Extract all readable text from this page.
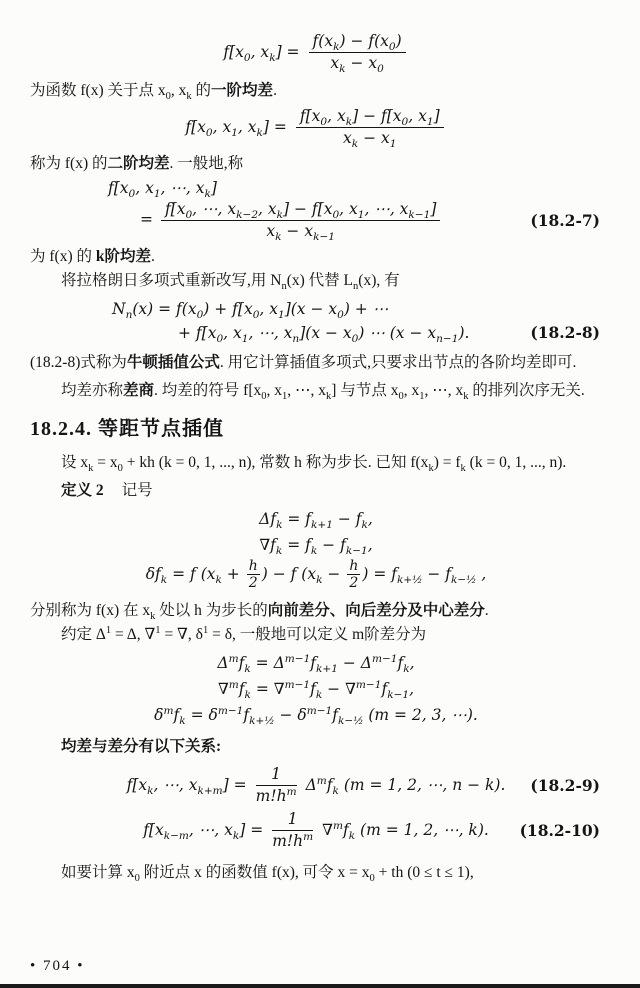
$f[x_0$, $x_k] = \frac{f(x_k) - f(x_0)}{x_k - x_0}$

为函数 f(x) 关于点 $x_0$, $x_k$ 的一阶均差.

$f[x_0$, $x_1$, $x_k] = \frac{f[x_0, x_k] - f[x_0, x_1]}{x_k - x_1}$

称为 f(x) 的二阶均差. 一般地,称

$f[x_0$, $x_1$, ⋯, $x_k$]
= $\frac{f[x_0, \cdots, x_{k-2}, x_k] - f[x_0, x_1, \cdots, x_{k-1}]}{x_k - x_{k-1}}$	(18.2-7)

为 f(x) 的 k阶均差.

将拉格朗日多项式重新改写,用 $N_n(x)$ 代替 $L_n(x)$, 有

$N_n(x) = f(x_0) + f[x_0$, $x_1](x - x_0)$ + ⋯
+ $f[x_0$, $x_1$, ⋯, $x_n](x - x_0)$ ⋯ $(x - x_{n-1})$.	(18.2-8)

(18.2-8)式称为牛顿插值公式. 用它计算插值多项式,只要求出节点的各阶均差即可.

均差亦称差商. 均差的符号 $f[x_0$, $x_1$, ⋯, $x_k$] 与节点 $x_0$, $x_1$, ⋯, $x_k$ 的排列次序无关.

18.2.4. 等距节点插值

设 $x_k = x_0$ + kh (k = 0, 1, ..., n), 常数 h 称为步长. 已知 $f(x_k) = f_k$ (k = 0, 1, ..., n).

定义 2 记号

$\Delta f_k = f_{k+1} - f_k$,
$\nabla f_k = f_k - f_{k-1}$,
$\delta f_k = f$ ($x_k + \frac{h}{2}$ ) − f ($x_k - \frac{h}{2}$ ) = $f_{k+\frac{1}{2}} - f_{k-\frac{1}{2}}$ ,

分别称为 f(x) 在 $x_k$ 处以 h 为步长的向前差分、向后差分及中心差分.

约定 $\Delta^1 = \Delta$, ∇$^1$ = ∇, $\delta^1 = \delta$, 一般地可以定义 m阶差分为

$\Delta^mf_k = \Delta^{m-1}f_{k+1} - \Delta^{m-1}f_k$,
$\nabla^mf_k = \nabla^{m-1}f_k - \nabla^{m-1}f_{k-1}$,
$\delta^mf_k = \delta^{m-1}f_{k+\frac{1}{2}} - \delta^{m-1}f_{k-\frac{1}{2}}$ (m = 2, 3, ⋯).

均差与差分有以下关系:

$f[x_k$, ⋯, $x_{k+m}] = \frac{1}{m!h^m} \Delta^mf_k$ (m = 1, 2, ⋯, n − k). (18.2-9)
$f[x_{k-m}$, ⋯, $x_k] = \frac{1}{m!h^m} \nabla^mf_k$ (m = 1, 2, ⋯, k). (18.2-10)

如要计算 $x_0$ 附近点 x 的函数值 f(x), 可令 $x = x_0$ + th (0 ≤ t ≤ 1),

• 704 •
